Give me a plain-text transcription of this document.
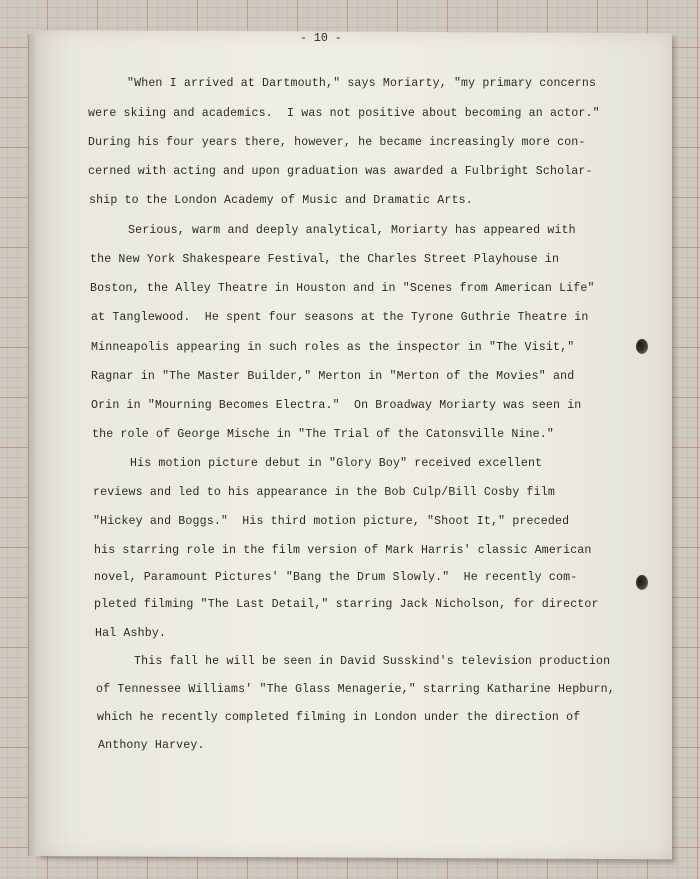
- 10 -
"When I arrived at Dartmouth," says Moriarty, "my primary concerns
were skiing and academics.  I was not positive about becoming an actor."
During his four years there, however, he became increasingly more con-
cerned with acting and upon graduation was awarded a Fulbright Scholar-
ship to the London Academy of Music and Dramatic Arts.
Serious, warm and deeply analytical, Moriarty has appeared with
the New York Shakespeare Festival, the Charles Street Playhouse in
Boston, the Alley Theatre in Houston and in "Scenes from American Life"
at Tanglewood.  He spent four seasons at the Tyrone Guthrie Theatre in
Minneapolis appearing in such roles as the inspector in "The Visit,"
Ragnar in "The Master Builder," Merton in "Merton of the Movies" and
Orin in "Mourning Becomes Electra."  On Broadway Moriarty was seen in
the role of George Mische in "The Trial of the Catonsville Nine."
His motion picture debut in "Glory Boy" received excellent
reviews and led to his appearance in the Bob Culp/Bill Cosby film
"Hickey and Boggs."  His third motion picture, "Shoot It," preceded
his starring role in the film version of Mark Harris' classic American
novel, Paramount Pictures' "Bang the Drum Slowly."  He recently com-
pleted filming "The Last Detail," starring Jack Nicholson, for director
Hal Ashby.
This fall he will be seen in David Susskind's television production
of Tennessee Williams' "The Glass Menagerie," starring Katharine Hepburn,
which he recently completed filming in London under the direction of
Anthony Harvey.
